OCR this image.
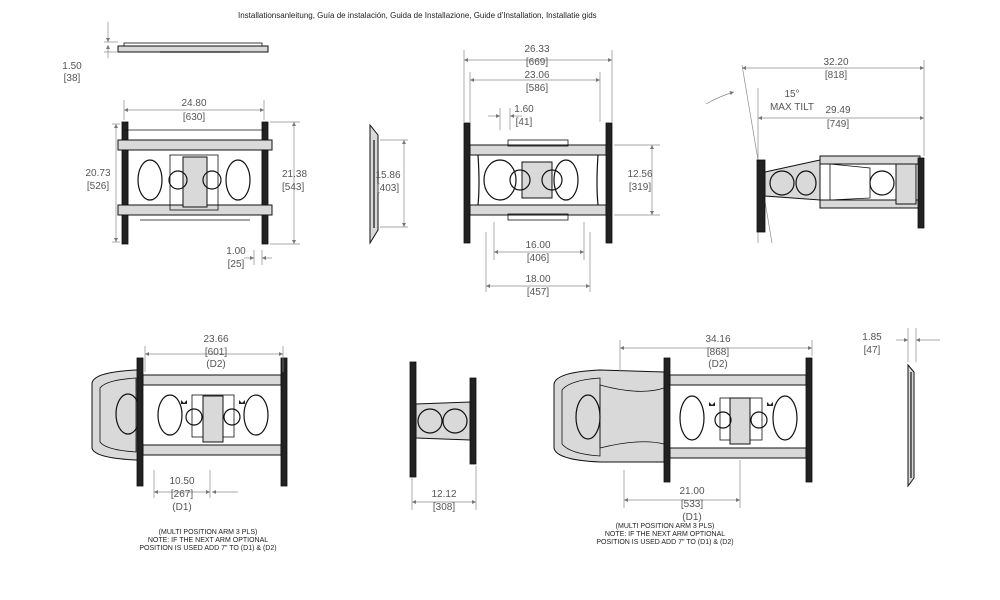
Installationsanleitung, Guía de instalación, Guida de Installazione, Guide d'Installation, Installatie gids
1.50
[38]
24.80
[630]
20.73
[526]
21.38
[543]
1.00
[25]
15.86
[403]
26.33
[669]
23.06
[586]
1.60
[41]
12.56
[319]
16.00
[406]
18.00
[457]
32.20
[818]
15°
MAX TILT 29.49
[749]
23.66
[601]
(D2)
10.50
[267]
(D1)
(MULTI POSITION ARM 3 PLS)
NOTE: IF THE NEXT ARM OPTIONAL
POSITION IS USED ADD 7" TO (D1) & (D2)
12.12
[308]
34.16
[868]
(D2)
21.00
[533]
(D1)
(MULTI POSITION ARM 3 PLS)
NOTE: IF THE NEXT ARM OPTIONAL
POSITION IS USED ADD 7" TO (D1) & (D2)
1.85
[47]
